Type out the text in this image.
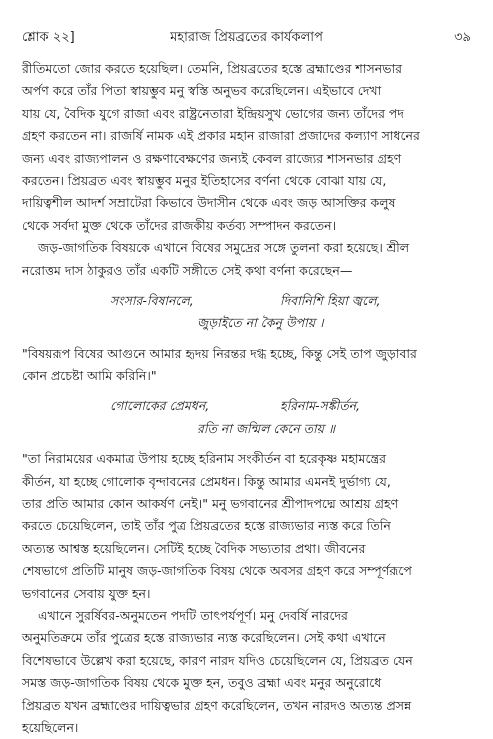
শ্লোক ২২]	মহারাজ প্রিয়ব্রতের কার্যকলাপ	৩৯
রীতিমতো জোর করতে হয়েছিল। তেমনি, প্রিয়ব্রতের হস্তে ব্রহ্মাণ্ডের শাসনভার
অর্পণ করে তাঁর পিতা স্বায়ম্ভুব মনু স্বস্তি অনুভব করেছিলেন। এইভাবে দেখা
যায় যে, বৈদিক যুগে রাজা এবং রাষ্ট্রনেতারা ইন্দ্রিয়সুখ ভোগের জন্য তাঁদের পদ
গ্রহণ করতেন না। রাজর্ষি নামক এই প্রকার মহান রাজারা প্রজাদের কল্যাণ সাধনের
জন্য এবং রাজ্যপালন ও রক্ষণাবেক্ষণের জন্যই কেবল রাজ্যের শাসনভার গ্রহণ
করতেন। প্রিয়ব্রত এবং স্বায়ম্ভুব মনুর ইতিহাসের বর্ণনা থেকে বোঝা যায় যে,
দায়িত্বশীল আদর্শ সম্রাটেরা কিভাবে উদাসীন থেকে এবং জড় আসক্তির কলুষ
থেকে সর্বদা মুক্ত থেকে তাঁদের রাজকীয় কর্তব্য সম্পাদন করতেন।
জড়-জাগতিক বিষয়কে এখানে বিষের সমুদ্রের সঙ্গে তুলনা করা হয়েছে। শ্রীল
নরোত্তম দাস ঠাকুরও তাঁর একটি সঙ্গীতে সেই কথা বর্ণনা করেছেন—
সংসার-বিষানলে,	দিবানিশি হিয়া জ্বলে,
জুড়াইতে না কৈনু উপায় ।
"বিষয়রূপ বিষের আগুনে আমার হৃদয় নিরন্তর দগ্ধ হচ্ছে, কিন্তু সেই তাপ জুড়াবার
কোন প্রচেষ্টা আমি করিনি।"
গোলোকের প্রেমধন,	হরিনাম-সঙ্কীর্তন,
রতি না জন্মিল কেনে তায় ॥
"তা নিরাময়ের একমাত্র উপায় হচ্ছে হরিনাম সংকীর্তন বা হরেকৃষ্ণ মহামন্ত্রের
কীর্তন, যা হচ্ছে গোলোক বৃন্দাবনের প্রেমধন। কিন্তু আমার এমনই দুর্ভাগ্য যে,
তার প্রতি আমার কোন আকর্ষণ নেই।" মনু ভগবানের শ্রীপাদপদ্মে আশ্রয় গ্রহণ
করতে চেয়েছিলেন, তাই তাঁর পুত্র প্রিয়ব্রতের হস্তে রাজ্যভার ন্যস্ত করে তিনি
অত্যন্ত আশ্বস্ত হয়েছিলেন। সেটিই হচ্ছে বৈদিক সভ্যতার প্রথা। জীবনের
শেষভাগে প্রতিটি মানুষ জড়-জাগতিক বিষয় থেকে অবসর গ্রহণ করে সম্পূর্ণরূপে
ভগবানের সেবায় যুক্ত হন।
এখানে সুরর্ষিবর-অনুমতেন পদটি তাৎপর্যপূর্ণ। মনু দেবর্ষি নারদের
অনুমতিক্রমে তাঁর পুত্রের হস্তে রাজ্যভার ন্যস্ত করেছিলেন। সেই কথা এখানে
বিশেষভাবে উল্লেখ করা হয়েছে, কারণ নারদ যদিও চেয়েছিলেন যে, প্রিয়ব্রত যেন
সমস্ত জড়-জাগতিক বিষয় থেকে মুক্ত হন, তবুও ব্রহ্মা এবং মনুর অনুরোধে
প্রিয়ব্রত যখন ব্রহ্মাণ্ডের দায়িত্বভার গ্রহণ করেছিলেন, তখন নারদও অত্যন্ত প্রসন্ন
হয়েছিলেন।
